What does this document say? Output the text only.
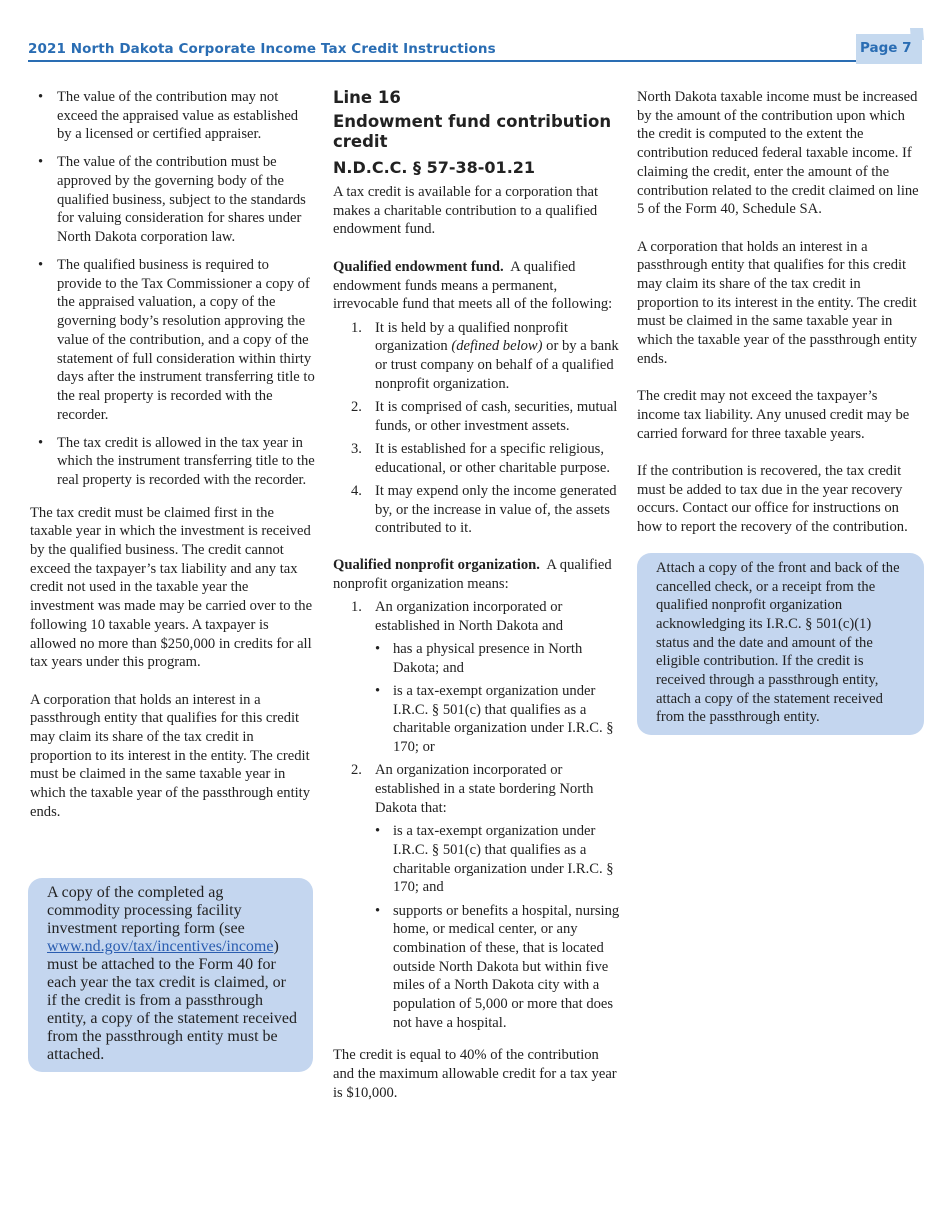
2021 North Dakota Corporate Income Tax Credit Instructions	Page 7
• The value of the contribution may not exceed the appraised value as established by a licensed or certified appraiser.
• The value of the contribution must be approved by the governing body of the qualified business, subject to the standards for valuing consideration for shares under North Dakota corporation law.
• The qualified business is required to provide to the Tax Commissioner a copy of the appraised valuation, a copy of the governing body’s resolution approving the value of the contribution, and a copy of the statement of full consideration within thirty days after the instrument transferring title to the real property is recorded with the recorder.
• The tax credit is allowed in the tax year in which the instrument transferring title to the real property is recorded with the recorder.

The tax credit must be claimed first in the taxable year in which the investment is received by the qualified business. The credit cannot exceed the taxpayer’s tax liability and any tax credit not used in the taxable year the investment was made may be carried over to the following 10 taxable years. A taxpayer is allowed no more than $250,000 in credits for all tax years under this program.

A corporation that holds an interest in a passthrough entity that qualifies for this credit may claim its share of the tax credit in proportion to its interest in the entity. The credit must be claimed in the same taxable year in which the taxable year of the passthrough entity ends.

A copy of the completed ag commodity processing facility investment reporting form (see www.nd.gov/tax/incentives/income) must be attached to the Form 40 for each year the tax credit is claimed, or if the credit is from a passthrough entity, a copy of the statement received from the passthrough entity must be attached.
Line 16
Endowment fund contribution credit
N.D.C.C. § 57-38-01.21

A tax credit is available for a corporation that makes a charitable contribution to a qualified endowment fund.

Qualified endowment fund. A qualified endowment funds means a permanent, irrevocable fund that meets all of the following:

1. It is held by a qualified nonprofit organization (defined below) or by a bank or trust company on behalf of a qualified nonprofit organization.
2. It is comprised of cash, securities, mutual funds, or other investment assets.
3. It is established for a specific religious, educational, or other charitable purpose.
4. It may expend only the income generated by, or the increase in value of, the assets contributed to it.

Qualified nonprofit organization. A qualified nonprofit organization means:

1. An organization incorporated or established in North Dakota and
• has a physical presence in North Dakota; and
• is a tax-exempt organization under I.R.C. § 501(c) that qualifies as a charitable organization under I.R.C. § 170; or
2. An organization incorporated or established in a state bordering North Dakota that:
• is a tax-exempt organization under I.R.C. § 501(c) that qualifies as a charitable organization under I.R.C. § 170; and
• supports or benefits a hospital, nursing home, or medical center, or any combination of these, that is located outside North Dakota but within five miles of a North Dakota city with a population of 5,000 or more that does not have a hospital.

The credit is equal to 40% of the contribution and the maximum allowable credit for a tax year is $10,000.

North Dakota taxable income must be increased by the amount of the contribution upon which the credit is computed to the extent the contribution reduced federal taxable income. If claiming the credit, enter the amount of the contribution related to the credit claimed on line 5 of the Form 40, Schedule SA.

A corporation that holds an interest in a passthrough entity that qualifies for this credit may claim its share of the tax credit in proportion to its interest in the entity. The credit must be claimed in the same taxable year in which the taxable year of the passthrough entity ends.

The credit may not exceed the taxpayer’s income tax liability. Any unused credit may be carried forward for three taxable years.

If the contribution is recovered, the tax credit must be added to tax due in the year recovery occurs. Contact our office for instructions on how to report the recovery of the contribution.

Attach a copy of the front and back of the cancelled check, or a receipt from the qualified nonprofit organization acknowledging its I.R.C. § 501(c)(1) status and the date and amount of the eligible contribution. If the credit is received through a passthrough entity, attach a copy of the statement received from the passthrough entity.
